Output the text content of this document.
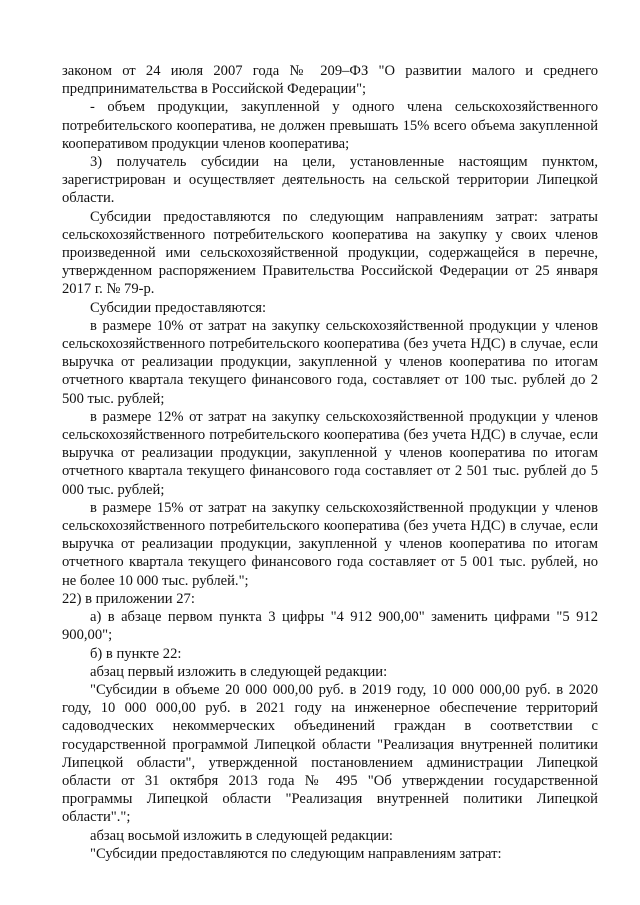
законом от 24 июля 2007 года № 209–ФЗ "О развитии малого и среднего предпринимательства в Российской Федерации";

- объем продукции, закупленной у одного члена сельскохозяйственного потребительского кооператива, не должен превышать 15% всего объема закупленной кооперативом продукции членов кооператива;

3) получатель субсидии на цели, установленные настоящим пунктом, зарегистрирован и осуществляет деятельность на сельской территории Липецкой области.

Субсидии предоставляются по следующим направлениям затрат: затраты сельскохозяйственного потребительского кооператива на закупку у своих членов произведенной ими сельскохозяйственной продукции, содержащейся в перечне, утвержденном распоряжением Правительства Российской Федерации от 25 января 2017 г. № 79-р.

Субсидии предоставляются:

в размере 10% от затрат на закупку сельскохозяйственной продукции у членов сельскохозяйственного потребительского кооператива (без учета НДС) в случае, если выручка от реализации продукции, закупленной у членов кооператива по итогам отчетного квартала текущего финансового года, составляет от 100 тыс. рублей до 2 500 тыс. рублей;

в размере 12% от затрат на закупку сельскохозяйственной продукции у членов сельскохозяйственного потребительского кооператива (без учета НДС) в случае, если выручка от реализации продукции, закупленной у членов кооператива по итогам отчетного квартала текущего финансового года составляет от 2 501 тыс. рублей до 5 000 тыс. рублей;

в размере 15% от затрат на закупку сельскохозяйственной продукции у членов сельскохозяйственного потребительского кооператива (без учета НДС) в случае, если выручка от реализации продукции, закупленной у членов кооператива по итогам отчетного квартала текущего финансового года составляет от 5 001 тыс. рублей, но не более 10 000 тыс. рублей.";

22) в приложении 27:

а) в абзаце первом пункта 3 цифры "4 912 900,00" заменить цифрами "5 912 900,00";

б) в пункте 22:

абзац первый изложить в следующей редакции:

"Субсидии в объеме 20 000 000,00 руб. в 2019 году, 10 000 000,00 руб. в 2020 году, 10 000 000,00 руб. в 2021 году на инженерное обеспечение территорий садоводческих некоммерческих объединений граждан в соответствии с государственной программой Липецкой области "Реализация внутренней политики Липецкой области", утвержденной постановлением администрации Липецкой области от 31 октября 2013 года № 495 "Об утверждении государственной программы Липецкой области "Реализация внутренней политики Липецкой области".";

абзац восьмой изложить в следующей редакции:

"Субсидии предоставляются по следующим направлениям затрат:
